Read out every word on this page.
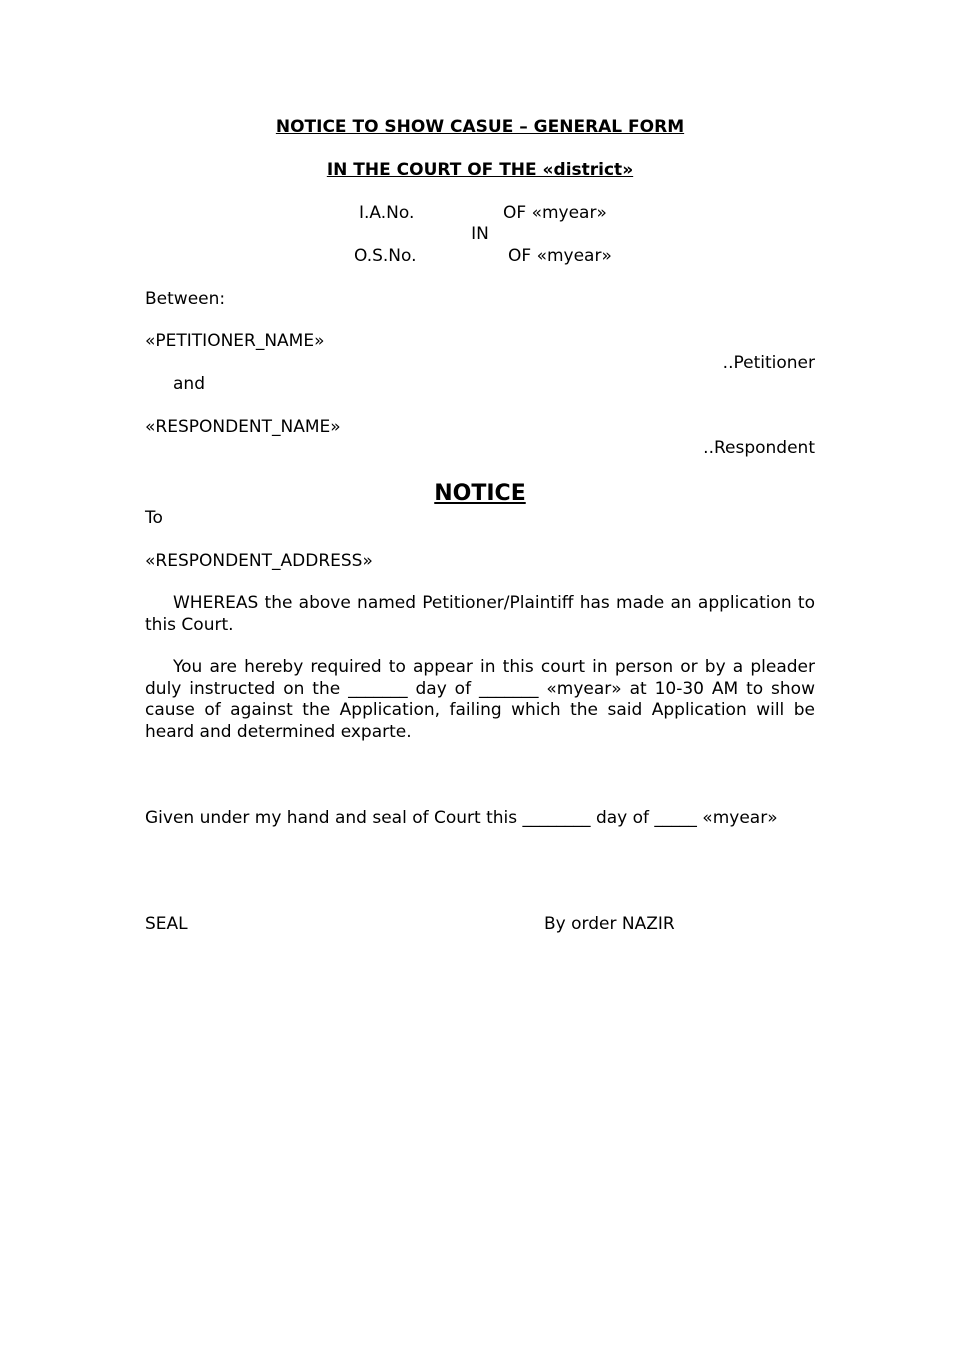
NOTICE TO SHOW CASUE – GENERAL FORM

IN THE COURT OF THE «district»

I.A.No.	OF «myear»

IN

O.S.No.	OF «myear»

Between:

«PETITIONER_NAME»

..Petitioner

and

«RESPONDENT_NAME»

..Respondent

NOTICE

To

«RESPONDENT_ADDRESS»

WHEREAS the above named Petitioner/Plaintiff has made an application to this Court.

You are hereby required to appear in this court in person or by a pleader duly instructed on the _______ day of _______ «myear» at 10-30 AM to show cause of against the Application, failing which the said Application will be heard and determined exparte.

Given under my hand and seal of Court this ________ day of _____ «myear»

SEAL	By order NAZIR
